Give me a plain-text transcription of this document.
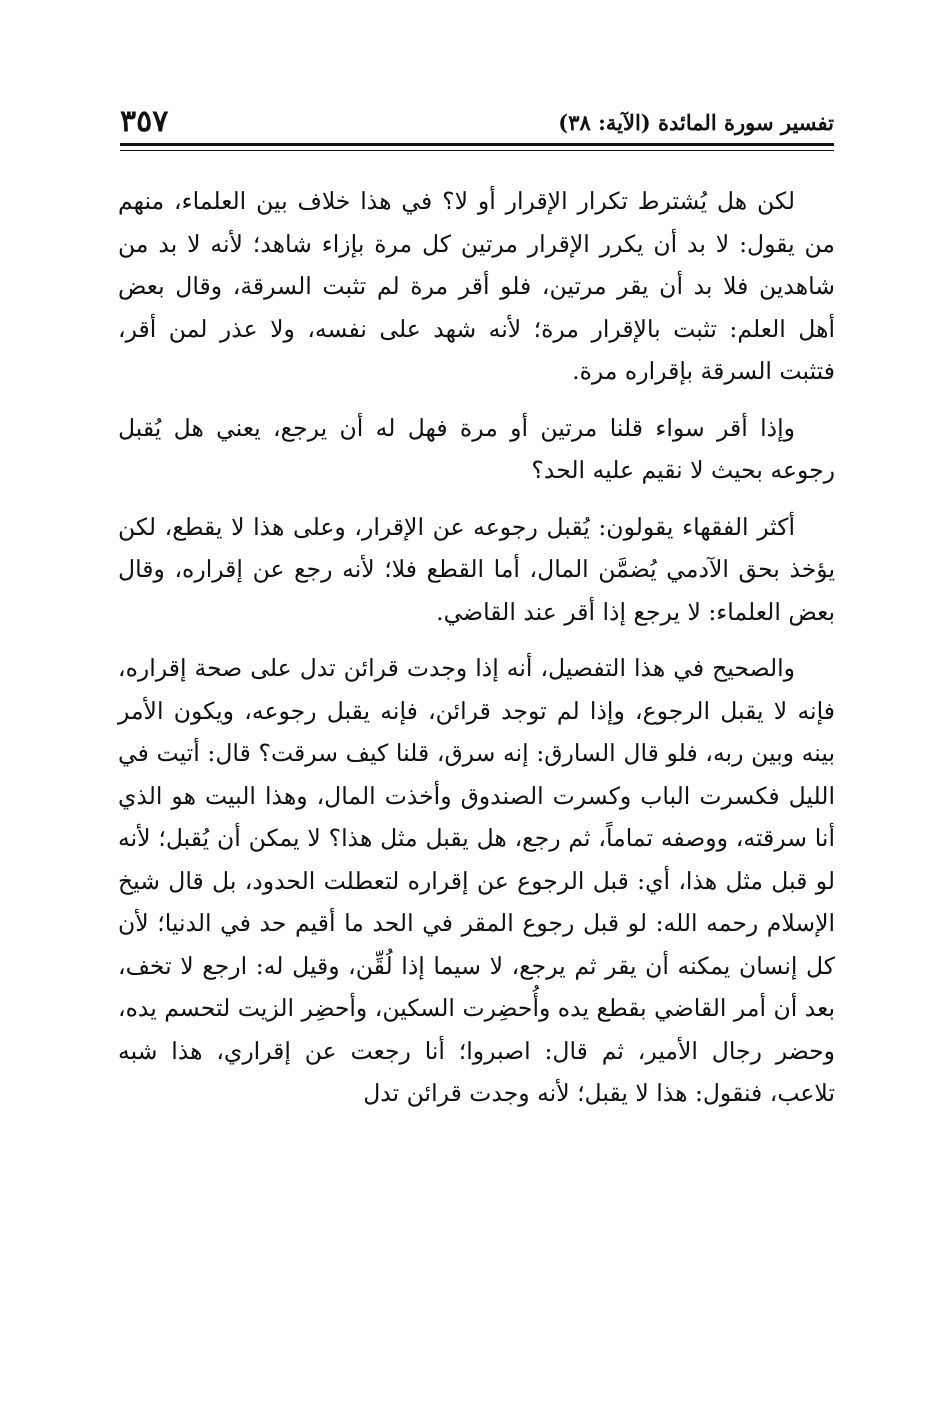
تفسير سورة المائدة (الآية: ٣٨)
٣٥٧

لكن هل يُشترط تكرار الإقرار أو لا؟ في هذا خلاف بين العلماء، منهم من يقول: لا بد أن يكرر الإقرار مرتين كل مرة بإزاء شاهد؛ لأنه لا بد من شاهدين فلا بد أن يقر مرتين، فلو أقر مرة لم تثبت السرقة، وقال بعض أهل العلم: تثبت بالإقرار مرة؛ لأنه شهد على نفسه، ولا عذر لمن أقر، فتثبت السرقة بإقراره مرة.

وإذا أقر سواء قلنا مرتين أو مرة فهل له أن يرجع، يعني هل يُقبل رجوعه بحيث لا نقيم عليه الحد؟

أكثر الفقهاء يقولون: يُقبل رجوعه عن الإقرار، وعلى هذا لا يقطع، لكن يؤخذ بحق الآدمي يُضمَّن المال، أما القطع فلا؛ لأنه رجع عن إقراره، وقال بعض العلماء: لا يرجع إذا أقر عند القاضي.

والصحيح في هذا التفصيل، أنه إذا وجدت قرائن تدل على صحة إقراره، فإنه لا يقبل الرجوع، وإذا لم توجد قرائن، فإنه يقبل رجوعه، ويكون الأمر بينه وبين ربه، فلو قال السارق: إنه سرق، قلنا كيف سرقت؟ قال: أتيت في الليل فكسرت الباب وكسرت الصندوق وأخذت المال، وهذا البيت هو الذي أنا سرقته، ووصفه تماماً، ثم رجع، هل يقبل مثل هذا؟ لا يمكن أن يُقبل؛ لأنه لو قبل مثل هذا، أي: قبل الرجوع عن إقراره لتعطلت الحدود، بل قال شيخ الإسلام رحمه الله: لو قبل رجوع المقر في الحد ما أقيم حد في الدنيا؛ لأن كل إنسان يمكنه أن يقر ثم يرجع، لا سيما إذا لُقِّن، وقيل له: ارجع لا تخف، بعد أن أمر القاضي بقطع يده وأُحضِرت السكين، وأحضِر الزيت لتحسم يده، وحضر رجال الأمير، ثم قال: اصبروا؛ أنا رجعت عن إقراري، هذا شبه تلاعب، فنقول: هذا لا يقبل؛ لأنه وجدت قرائن تدل
